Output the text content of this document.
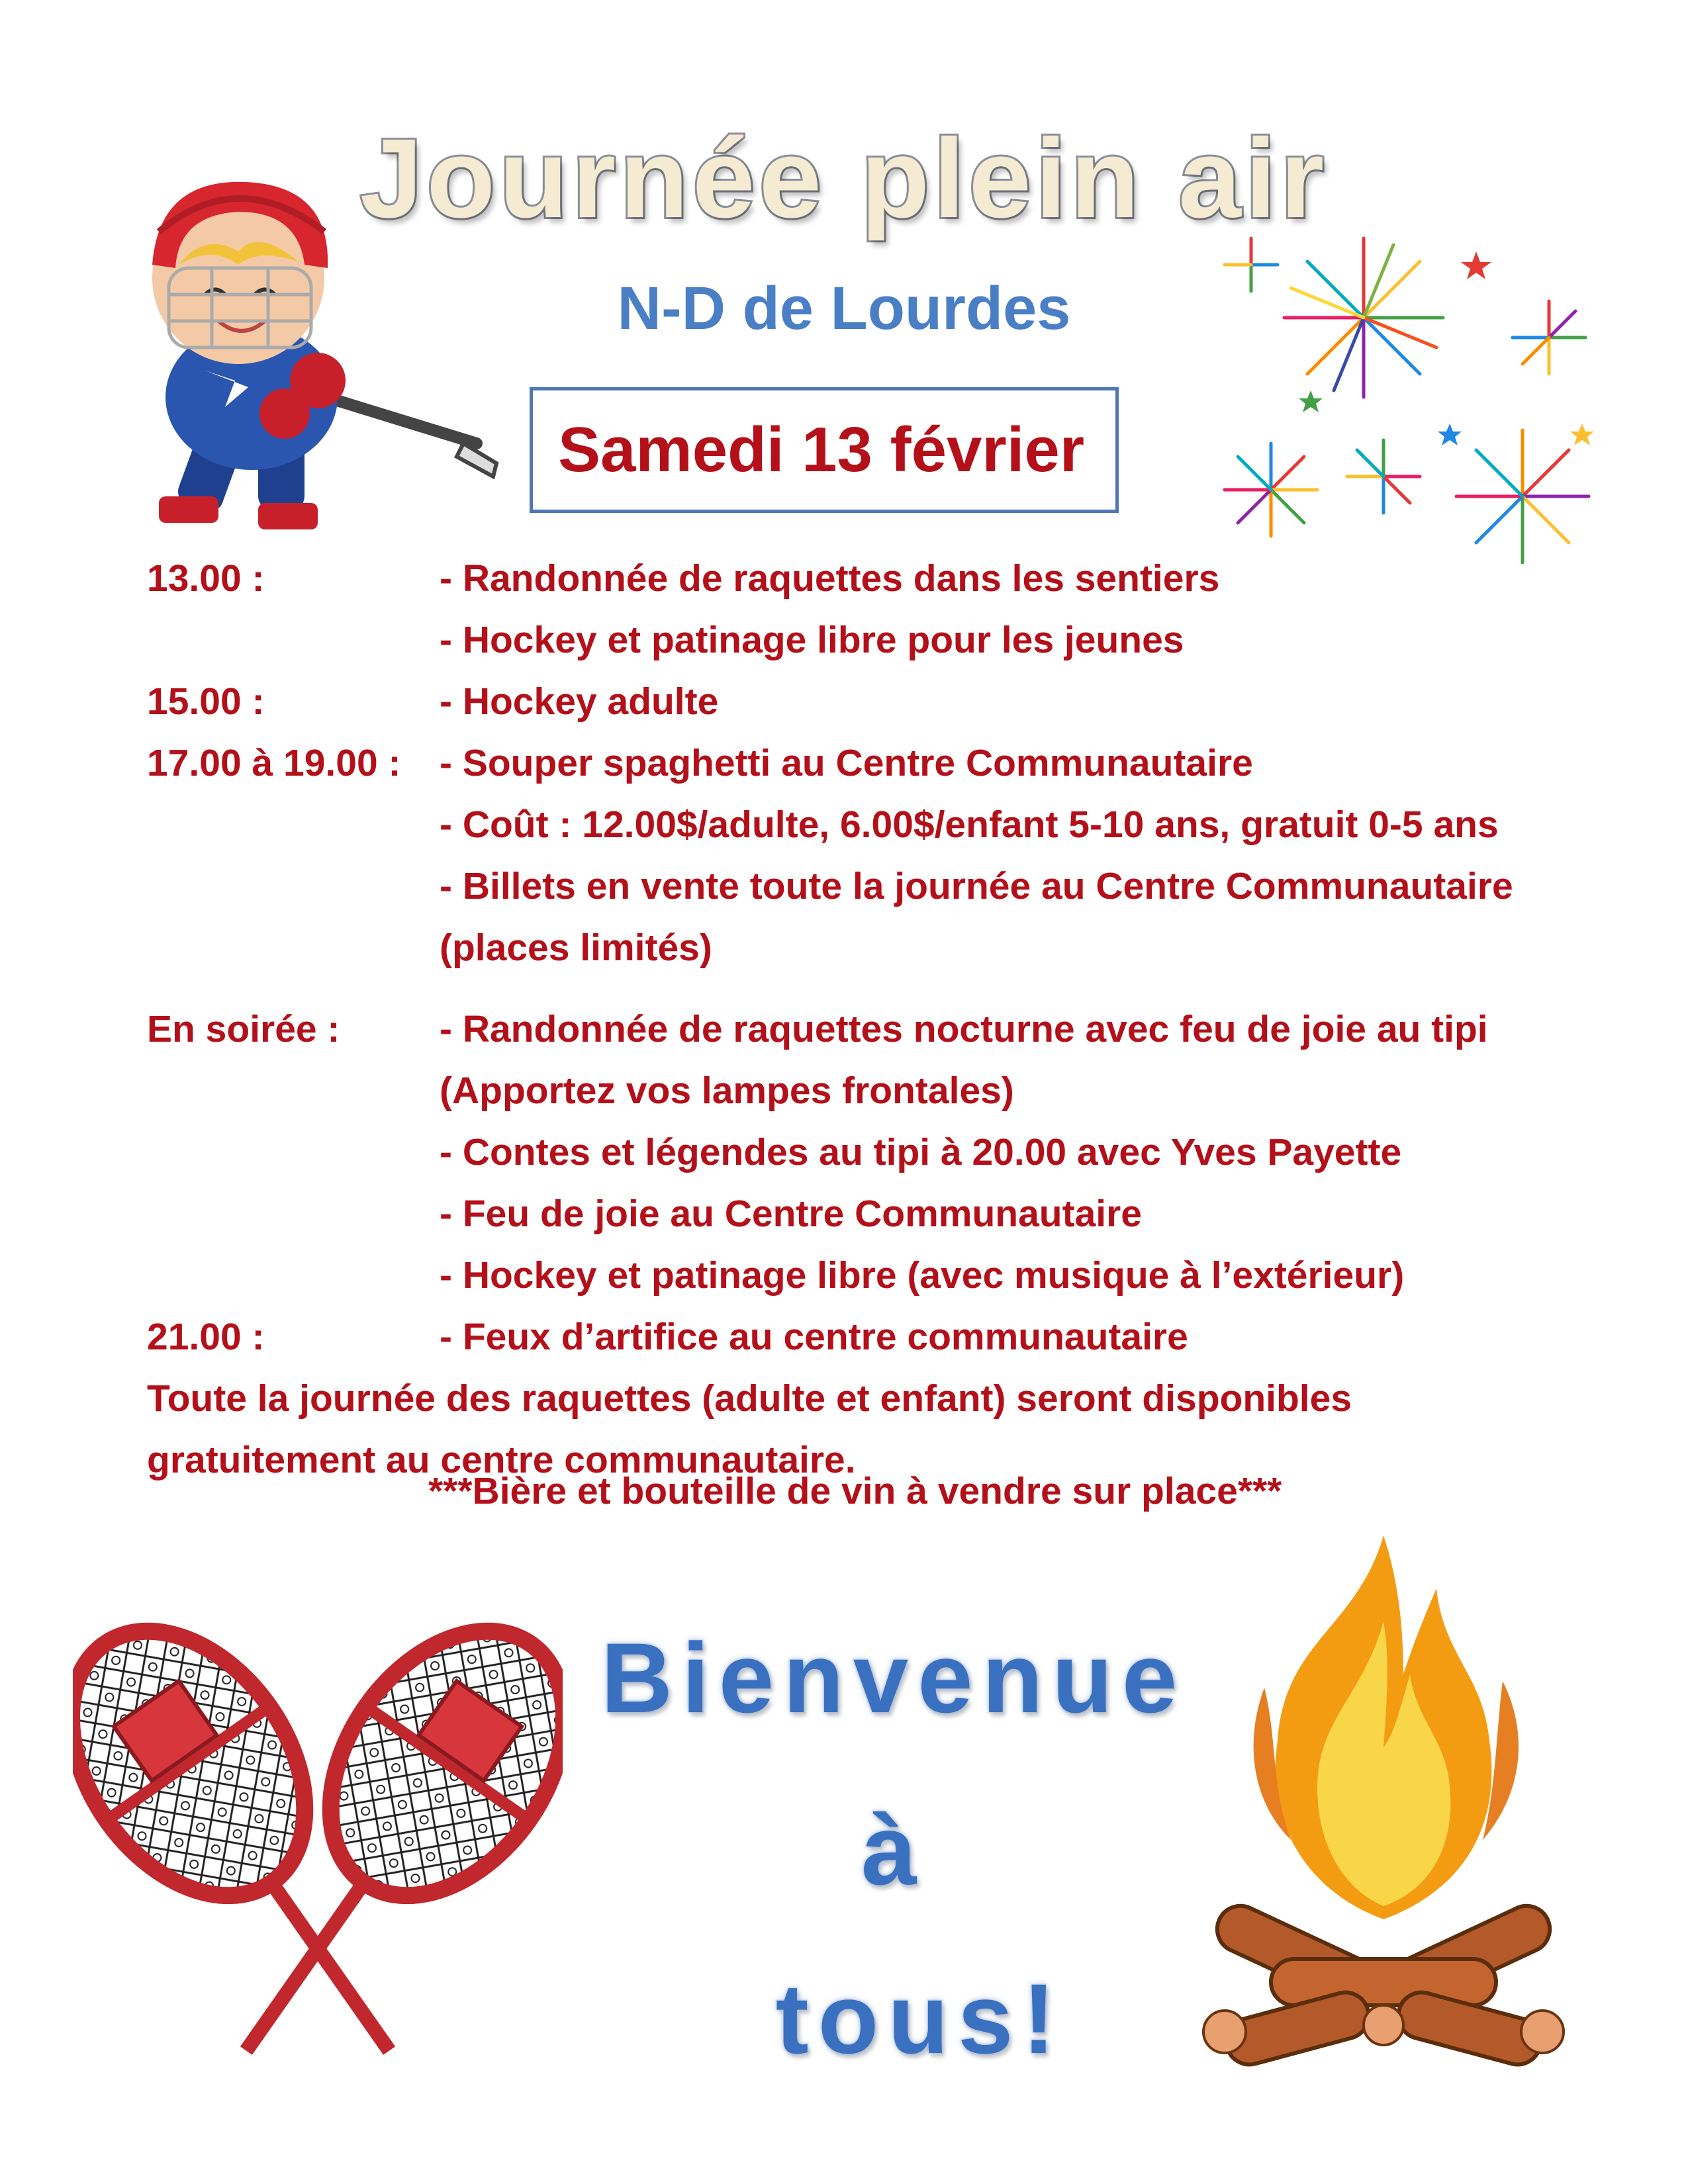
Journée plein air
N-D de Lourdes
Samedi 13 février
13.00 :	- Randonnée de raquettes dans les sentiers
- Hockey et patinage libre pour les jeunes
15.00 :	- Hockey adulte
17.00 à 19.00 : - Souper spaghetti au Centre Communautaire
- Coût : 12.00$/adulte, 6.00$/enfant 5-10 ans, gratuit 0-5 ans
- Billets en vente toute la journée au Centre Communautaire
(places limités)
En soirée :	- Randonnée de raquettes nocturne avec feu de joie au tipi
(Apportez vos lampes frontales)
- Contes et légendes au tipi à 20.00 avec Yves Payette
- Feu de joie au Centre Communautaire
- Hockey et patinage libre (avec musique à l’extérieur)
21.00 :	- Feux d’artifice au centre communautaire
Toute la journée des raquettes (adulte et enfant) seront disponibles
gratuitement au centre communautaire.
***Bière et bouteille de vin à vendre sur place***
Bienvenue
à
tous!
